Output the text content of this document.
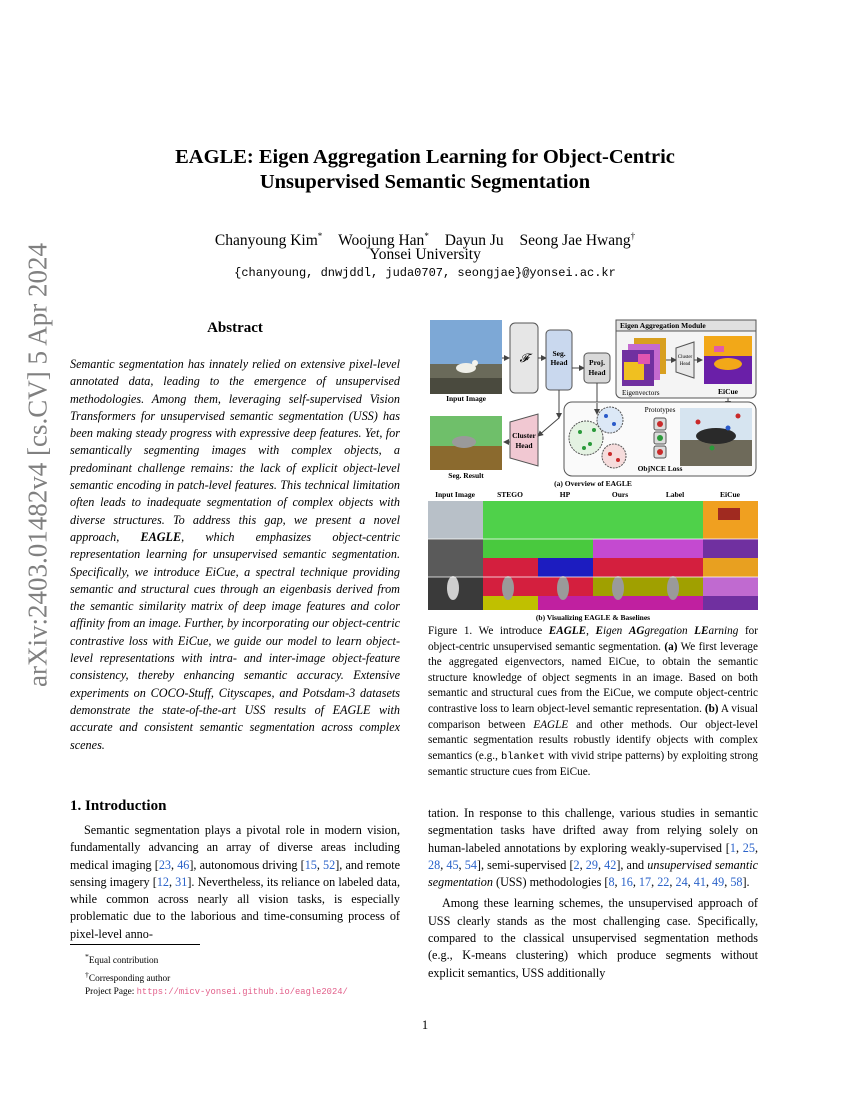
arXiv:2403.01482v4 [cs.CV] 5 Apr 2024
EAGLE: Eigen Aggregation Learning for Object-Centric
Unsupervised Semantic Segmentation
Chanyoung Kim* Woojung Han* Dayun Ju Seong Jae Hwang†
Yonsei University
{chanyoung, dnwjddl, juda0707, seongjae}@yonsei.ac.kr
Abstract
Semantic segmentation has innately relied on extensive pixel-level annotated data, leading to the emergence of unsupervised methodologies. Among them, leveraging self-supervised Vision Transformers for unsupervised semantic segmentation (USS) has been making steady progress with expressive deep features. Yet, for semantically segmenting images with complex objects, a predominant challenge remains: the lack of explicit object-level semantic encoding in patch-level features. This technical limitation often leads to inadequate segmentation of complex objects with diverse structures. To address this gap, we present a novel approach, EAGLE, which emphasizes object-centric representation learning for unsupervised semantic segmentation. Specifically, we introduce EiCue, a spectral technique providing semantic and structural cues through an eigenbasis derived from the semantic similarity matrix of deep image features and color affinity from an image. Further, by incorporating our object-centric contrastive loss with EiCue, we guide our model to learn object-level representations with intra- and inter-image object-feature consistency, thereby enhancing semantic accuracy. Extensive experiments on COCO-Stuff, Cityscapes, and Potsdam-3 datasets demonstrate the state-of-the-art USS results of EAGLE with accurate and consistent semantic segmentation across complex scenes.
1. Introduction
Semantic segmentation plays a pivotal role in modern vision, fundamentally advancing an array of diverse areas including medical imaging [23, 46], autonomous driving [15, 52], and remote sensing imagery [12, 31]. Nevertheless, its reliance on labeled data, while common across nearly all vision tasks, is especially problematic due to the laborious and time-consuming process of pixel-level anno-
*Equal contribution
†Corresponding author
Project Page: https://micv-yonsei.github.io/eagle2024/
Input Image
Seg. Result
𝓕	Seg.
Head	Proj.
Head
Eigen Aggregation Module
Eigenvectors
Cluster
Head
EiCue
Cluster
Head
Prototypes
ObjNCE Loss
(a) Overview of EAGLE
Input Image	STEGO	HP	Ours	Label	EiCue
(b) Visualizing EAGLE & Baselines
Figure 1. We introduce EAGLE, Eigen AGgregation LEarning for object-centric unsupervised semantic segmentation. (a) We first leverage the aggregated eigenvectors, named EiCue, to obtain the semantic structure knowledge of object segments in an image. Based on both semantic and structural cues from the EiCue, we compute object-centric contrastive loss to learn object-level semantic representation. (b) A visual comparison between EAGLE and other methods. Our object-level semantic segmentation results robustly identify objects with complex semantics (e.g., blanket with vivid stripe patterns) by exploiting strong semantic structure cues from EiCue.

tation. In response to this challenge, various studies in semantic segmentation tasks have drifted away from relying solely on human-labeled annotations by exploring weakly-supervised [1, 25, 28, 45, 54], semi-supervised [2, 29, 42], and unsupervised semantic segmentation (USS) methodologies [8, 16, 17, 22, 24, 41, 49, 58].

Among these learning schemes, the unsupervised approach of USS clearly stands as the most challenging case. Specifically, compared to the classical unsupervised segmentation methods (e.g., K-means clustering) which produce segments without explicit semantics, USS additionally

1
